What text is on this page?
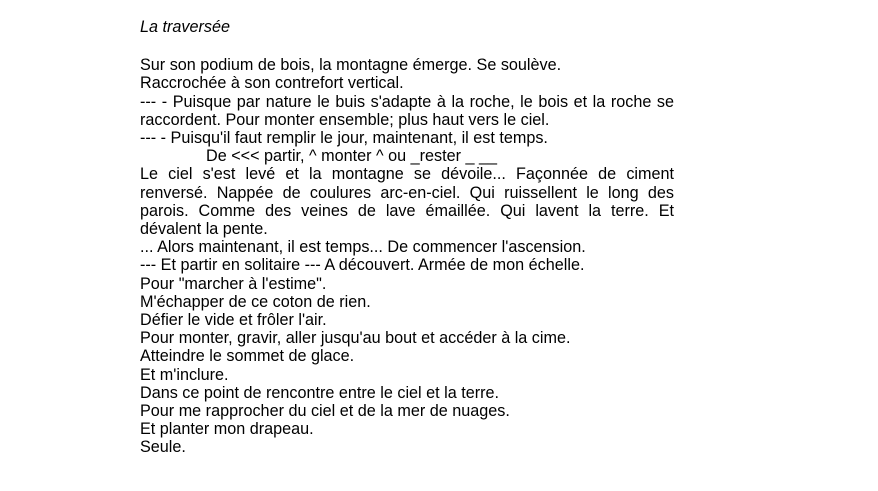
La traversée

Sur son podium de bois, la montagne émerge. Se soulève.

Raccrochée à son contrefort vertical.

--- - Puisque par nature le buis s'adapte à la roche, le bois et la roche se raccordent. Pour monter ensemble; plus haut vers le ciel.

--- - Puisqu'il faut remplir le jour, maintenant, il est temps.

De <<< partir, ^ monter ^ ou _rester _ __

Le ciel s'est levé et la montagne se dévoile... Façonnée de ciment renversé. Nappée de coulures arc-en-ciel. Qui ruissellent le long des parois. Comme des veines de lave émaillée. Qui lavent la terre. Et dévalent la pente.

... Alors maintenant, il est temps... De commencer l'ascension.

--- Et partir en solitaire --- A découvert. Armée de mon échelle.

Pour "marcher à l'estime".

M'échapper de ce coton de rien.

Défier le vide et frôler l'air.

Pour monter, gravir, aller jusqu'au bout et accéder à la cime.

Atteindre le sommet de glace.

Et m'inclure.

Dans ce point de rencontre entre le ciel et la terre.

Pour me rapprocher du ciel et de la mer de nuages.

Et planter mon drapeau.

Seule.
